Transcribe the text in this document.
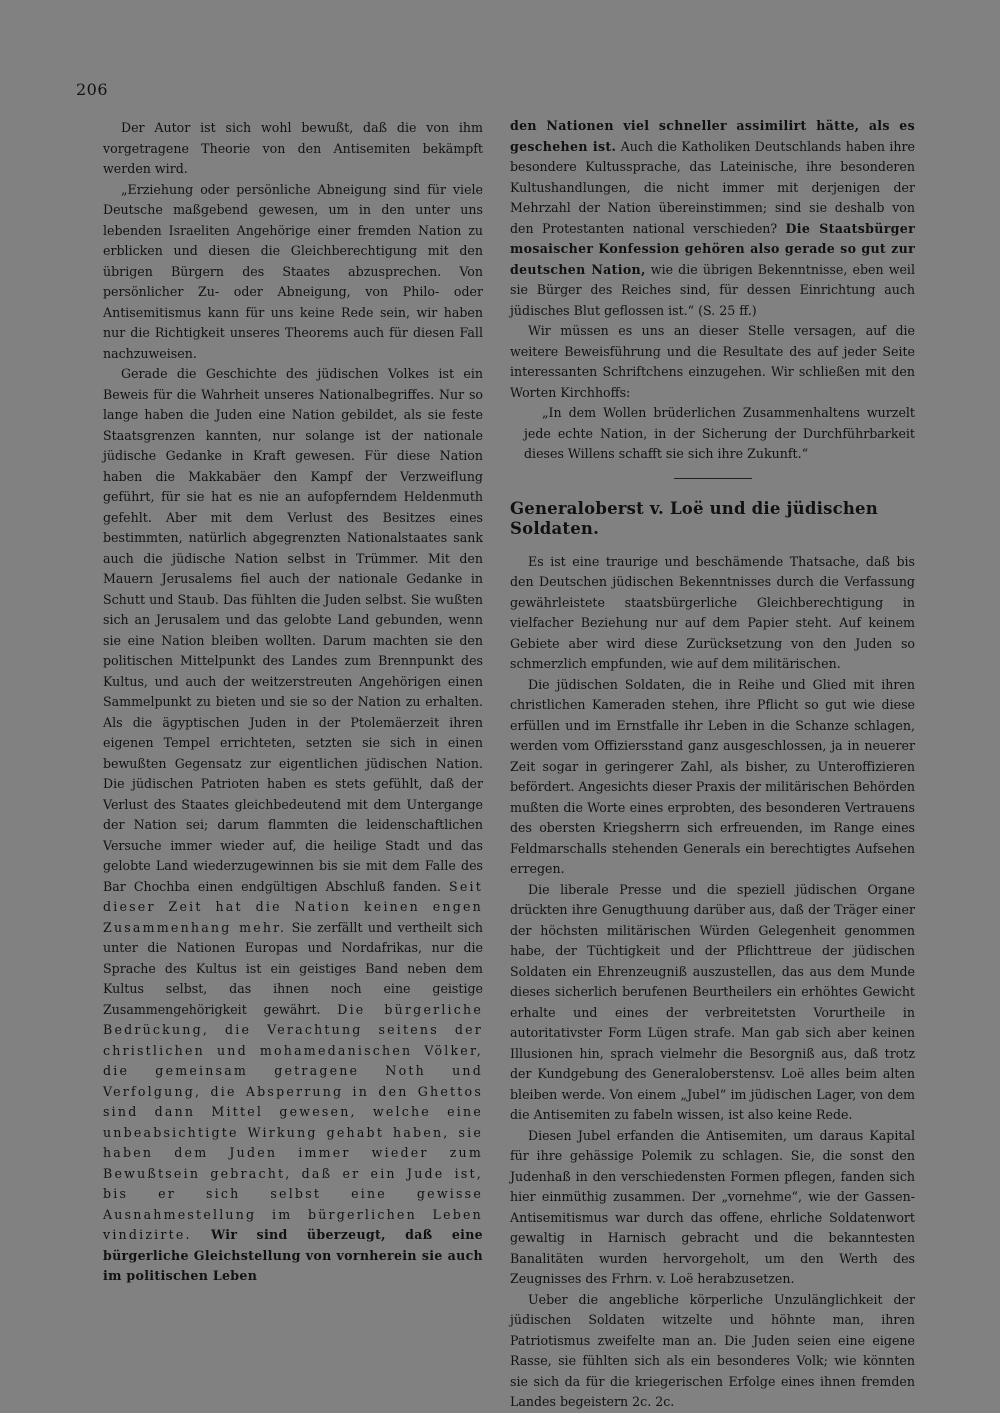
206

Der Autor ist sich wohl bewußt, daß die von ihm vorgetragene Theorie von den Antisemiten bekämpft werden wird.

„Erziehung oder persönliche Abneigung sind für viele Deutsche maßgebend gewesen, um in den unter uns lebenden Israeliten Angehörige einer fremden Nation zu erblicken und diesen die Gleichberechtigung mit den übrigen Bürgern des Staates abzusprechen. Von persönlicher Zu- oder Abneigung, von Philo- oder Antisemitismus kann für uns keine Rede sein, wir haben nur die Richtigkeit unseres Theorems auch für diesen Fall nachzuweisen.

Gerade die Geschichte des jüdischen Volkes ist ein Beweis für die Wahrheit unseres Nationalbegriffes. Nur so lange haben die Juden eine Nation gebildet, als sie feste Staatsgrenzen kannten, nur solange ist der nationale jüdische Gedanke in Kraft gewesen. Für diese Nation haben die Makkabäer den Kampf der Verzweiflung geführt, für sie hat es nie an aufopferndem Heldenmuth gefehlt. Aber mit dem Verlust des Besitzes eines bestimmten, natürlich abgegrenzten Nationalstaates sank auch die jüdische Nation selbst in Trümmer. Mit den Mauern Jerusalems fiel auch der nationale Gedanke in Schutt und Staub. Das fühlten die Juden selbst. Sie wußten sich an Jerusalem und das gelobte Land gebunden, wenn sie eine Nation bleiben wollten. Darum machten sie den politischen Mittelpunkt des Landes zum Brennpunkt des Kultus, und auch der weitzerstreuten Angehörigen einen Sammelpunkt zu bieten und sie so der Nation zu erhalten. Als die ägyptischen Juden in der Ptolemäerzeit ihren eigenen Tempel errichteten, setzten sie sich in einen bewußten Gegensatz zur eigentlichen jüdischen Nation. Die jüdischen Patrioten haben es stets gefühlt, daß der Verlust des Staates gleichbedeutend mit dem Untergange der Nation sei; darum flammten die leidenschaftlichen Versuche immer wieder auf, die heilige Stadt und das gelobte Land wiederzugewinnen bis sie mit dem Falle des Bar Chochba einen endgültigen Abschluß fanden. Seit dieser Zeit hat die Nation keinen engen Zusammenhang mehr. Sie zerfällt und vertheilt sich unter die Nationen Europas und Nordafrikas, nur die Sprache des Kultus ist ein geistiges Band neben dem Kultus selbst, das ihnen noch eine geistige Zusammengehörigkeit gewährt. Die bürgerliche Bedrückung, die Verachtung seitens der christlichen und mohamedanischen Völker, die gemeinsam getragene Noth und Verfolgung, die Absperrung in den Ghettos sind dann Mittel gewesen, welche eine unbeabsichtigte Wirkung gehabt haben, sie haben dem Juden immer wieder zum Bewußtsein gebracht, daß er ein Jude ist, bis er sich selbst eine gewisse Ausnahmestellung im bürgerlichen Leben vindizirte. Wir sind überzeugt, daß eine bürgerliche Gleichstellung von vornherein sie auch im politischen Leben

den Nationen viel schneller assimilirt hätte, als es geschehen ist. Auch die Katholiken Deutschlands haben ihre besondere Kultussprache, das Lateinische, ihre besonderen Kultushandlungen, die nicht immer mit derjenigen der Mehrzahl der Nation übereinstimmen; sind sie deshalb von den Protestanten national verschieden? Die Staatsbürger mosaischer Konfession gehören also gerade so gut zur deutschen Nation, wie die übrigen Bekenntnisse, eben weil sie Bürger des Reiches sind, für dessen Einrichtung auch jüdisches Blut geflossen ist.“ (S. 25 ff.)

Wir müssen es uns an dieser Stelle versagen, auf die weitere Beweisführung und die Resultate des auf jeder Seite interessanten Schriftchens einzugehen. Wir schließen mit den Worten Kirchhoffs:

„In dem Wollen brüderlichen Zusammenhaltens wurzelt jede echte Nation, in der Sicherung der Durchführbarkeit dieses Willens schafft sie sich ihre Zukunft.“

Generaloberst v. Loë und die jüdischen Soldaten.

Es ist eine traurige und beschämende Thatsache, daß bis den Deutschen jüdischen Bekenntnisses durch die Verfassung gewährleistete staatsbürgerliche Gleichberechtigung in vielfacher Beziehung nur auf dem Papier steht. Auf keinem Gebiete aber wird diese Zurücksetzung von den Juden so schmerzlich empfunden, wie auf dem militärischen.

Die jüdischen Soldaten, die in Reihe und Glied mit ihren christlichen Kameraden stehen, ihre Pflicht so gut wie diese erfüllen und im Ernstfalle ihr Leben in die Schanze schlagen, werden vom Offiziersstand ganz ausgeschlossen, ja in neuerer Zeit sogar in geringerer Zahl, als bisher, zu Unteroffizieren befördert. Angesichts dieser Praxis der militärischen Behörden mußten die Worte eines erprobten, des besonderen Vertrauens des obersten Kriegsherrn sich erfreuenden, im Range eines Feldmarschalls stehenden Generals ein berechtigtes Aufsehen erregen.

Die liberale Presse und die speziell jüdischen Organe drückten ihre Genugthuung darüber aus, daß der Träger einer der höchsten militärischen Würden Gelegenheit genommen habe, der Tüchtigkeit und der Pflichttreue der jüdischen Soldaten ein Ehrenzeugniß auszustellen, das aus dem Munde dieses sicherlich berufenen Beurtheilers ein erhöhtes Gewicht erhalte und eines der verbreitetsten Vorurtheile in autoritativster Form Lügen strafe. Man gab sich aber keinen Illusionen hin, sprach vielmehr die Besorgniß aus, daß trotz der Kundgebung des Generaloberstensv. Loë alles beim alten bleiben werde. Von einem „Jubel“ im jüdischen Lager, von dem die Antisemiten zu fabeln wissen, ist also keine Rede.

Diesen Jubel erfanden die Antisemiten, um daraus Kapital für ihre gehässige Polemik zu schlagen. Sie, die sonst den Judenhaß in den verschiedensten Formen pflegen, fanden sich hier einmüthig zusammen. Der „vornehme“, wie der Gassen-Antisemitismus war durch das offene, ehrliche Soldatenwort gewaltig in Harnisch gebracht und die bekanntesten Banalitäten wurden hervorgeholt, um den Werth des Zeugnisses des Frhrn. v. Loë herabzusetzen.

Ueber die angebliche körperliche Unzulänglichkeit der jüdischen Soldaten witzelte und höhnte man, ihren Patriotismus zweifelte man an. Die Juden seien eine eigene Rasse, sie fühlten sich als ein besonderes Volk; wie könnten sie sich da für die kriegerischen Erfolge eines ihnen fremden Landes begeistern 2c. 2c.
